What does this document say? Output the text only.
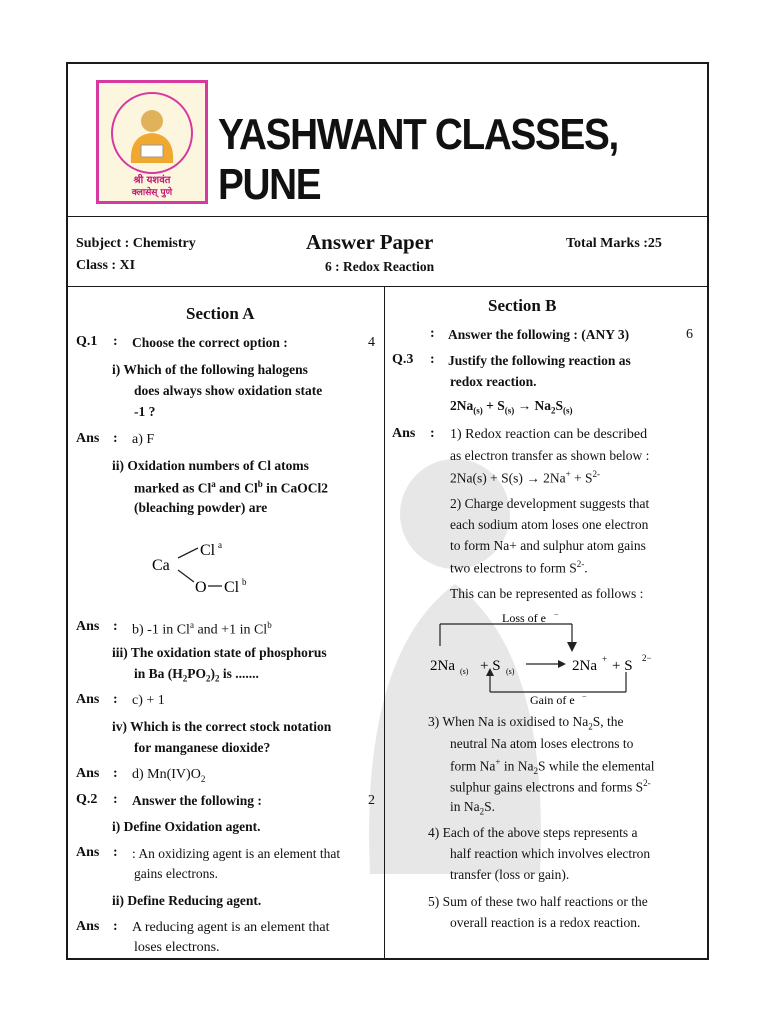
श्री यशवंत
क्लासेस् पुणे
YASHWANT CLASSES, PUNE
Subject : Chemistry
Class : XI
Answer Paper
6 : Redox Reaction
Total Marks :25
Section A
Q.1 : Choose the correct option :	4
i) Which of the following halogens
does always show oxidation state
-1 ?
Ans : a) F
ii) Oxidation numbers of Cl atoms
marked as Cl$^a$ and Cl$^b$ in CaOCl2
(bleaching powder) are
Cl a
Ca
O Cl b
Ans : b) -1 in Cl$^a$ and +1 in Cl$^b$
iii) The oxidation state of phosphorus
in Ba $(H_2PO_2)_2$ is .......
Ans : c) + 1
iv) Which is the correct stock notation
for manganese dioxide?
Ans : d) $Mn(IV)O_2$
Q.2 : Answer the following :	2
i) Define Oxidation agent.
Ans : : An oxidizing agent is an element that
gains electrons.
ii) Define Reducing agent.
Ans : A reducing agent is an element that
loses electrons.
Section B
: Answer the following : (ANY 3)	6
Q.3 : Justify the following reaction as
redox reaction.
$2Na_{(s)} + S_{(s)} \to Na_2S_{(s)}$
Ans : 1) Redox reaction can be described
as electron transfer as shown below :
$2Na(s) + S(s) \to 2Na^+ + S^{2-}$
2) Charge development suggests that
each sodium atom loses one electron
to form Na+ and sulphur atom gains
two electrons to form $S^{2-}$.
This can be represented as follows :
Loss of e −
2Na (s) + S (s)	2Na + + S 2−
Gain of e −
3) When Na is oxidised to $Na_2S$, the
neutral Na atom loses electrons to
form Na+ in $Na_2S$ while the elemental
sulphur gains electrons and forms $S^{2-}$
in $Na_2S$.
4) Each of the above steps represents a
half reaction which involves electron
transfer (loss or gain).
5) Sum of these two half reactions or the
overall reaction is a redox reaction.
